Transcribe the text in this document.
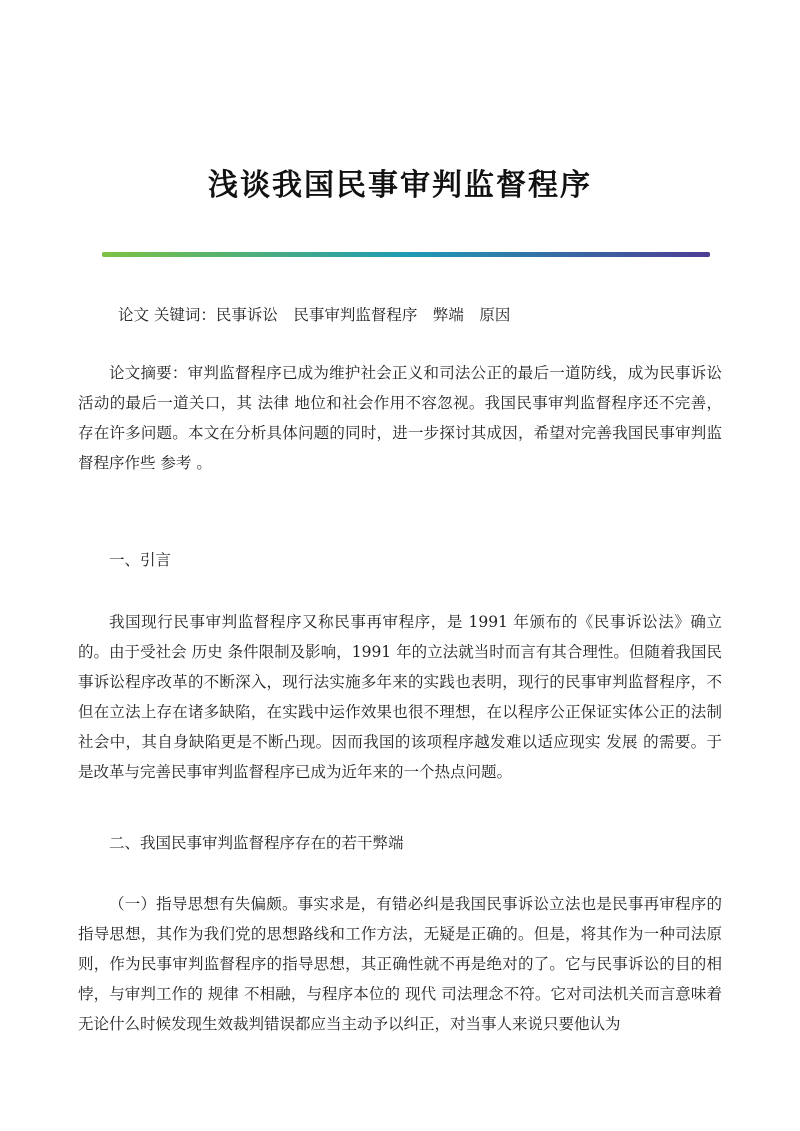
浅谈我国民事审判监督程序
论文 关键词：民事诉讼　民事审判监督程序　弊端　原因
论文摘要：审判监督程序已成为维护社会正义和司法公正的最后一道防线，成为民事诉讼活动的最后一道关口，其 法律 地位和社会作用不容忽视。我国民事审判监督程序还不完善，存在许多问题。本文在分析具体问题的同时，进一步探讨其成因，希望对完善我国民事审判监督程序作些 参考 。
一、引言
我国现行民事审判监督程序又称民事再审程序，是 1991 年颁布的《民事诉讼法》确立的。由于受社会 历史 条件限制及影响，1991 年的立法就当时而言有其合理性。但随着我国民事诉讼程序改革的不断深入，现行法实施多年来的实践也表明，现行的民事审判监督程序，不但在立法上存在诸多缺陷，在实践中运作效果也很不理想，在以程序公正保证实体公正的法制社会中，其自身缺陷更是不断凸现。因而我国的该项程序越发难以适应现实 发展 的需要。于是改革与完善民事审判监督程序已成为近年来的一个热点问题。
二、我国民事审判监督程序存在的若干弊端
（一）指导思想有失偏颇。事实求是，有错必纠是我国民事诉讼立法也是民事再审程序的指导思想，其作为我们党的思想路线和工作方法，无疑是正确的。但是，将其作为一种司法原则，作为民事审判监督程序的指导思想，其正确性就不再是绝对的了。它与民事诉讼的目的相悖，与审判工作的 规律 不相融，与程序本位的 现代 司法理念不符。它对司法机关而言意味着无论什么时候发现生效裁判错误都应当主动予以纠正，对当事人来说只要他认为
